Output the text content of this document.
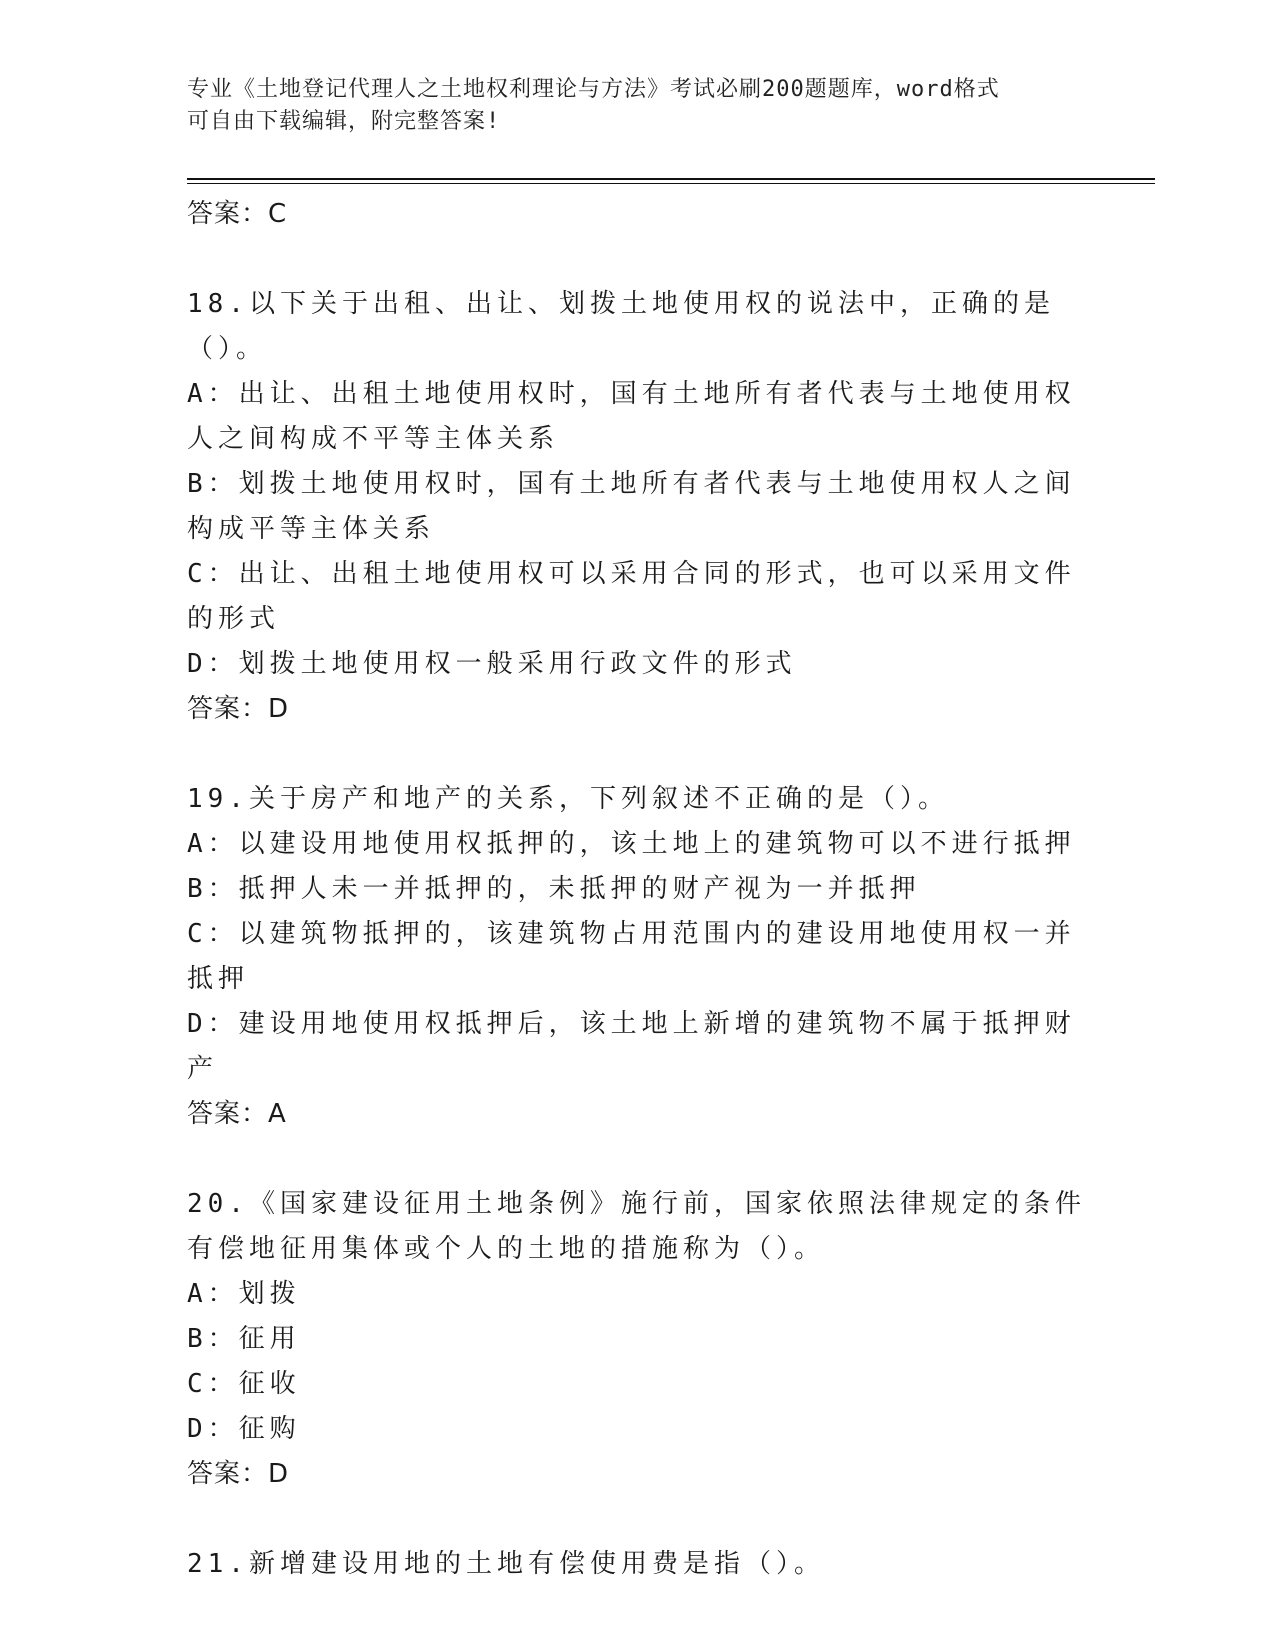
专业《土地登记代理人之土地权利理论与方法》考试必刷200题题库，word格式
可自由下载编辑，附完整答案!
答案：C
18.以下关于出租、出让、划拨土地使用权的说法中，正确的是（）。
A：出让、出租土地使用权时，国有土地所有者代表与土地使用权人之间构成不平等主体关系
B：划拨土地使用权时，国有土地所有者代表与土地使用权人之间构成平等主体关系
C：出让、出租土地使用权可以采用合同的形式，也可以采用文件的形式
D：划拨土地使用权一般采用行政文件的形式
答案：D
19.关于房产和地产的关系，下列叙述不正确的是（）。
A：以建设用地使用权抵押的，该土地上的建筑物可以不进行抵押
B：抵押人未一并抵押的，未抵押的财产视为一并抵押
C：以建筑物抵押的，该建筑物占用范围内的建设用地使用权一并抵押
D：建设用地使用权抵押后，该土地上新增的建筑物不属于抵押财产
答案：A
20.《国家建设征用土地条例》施行前，国家依照法律规定的条件有偿地征用集体或个人的土地的措施称为（）。
A：划拨
B：征用
C：征收
D：征购
答案：D
21.新增建设用地的土地有偿使用费是指（）。
